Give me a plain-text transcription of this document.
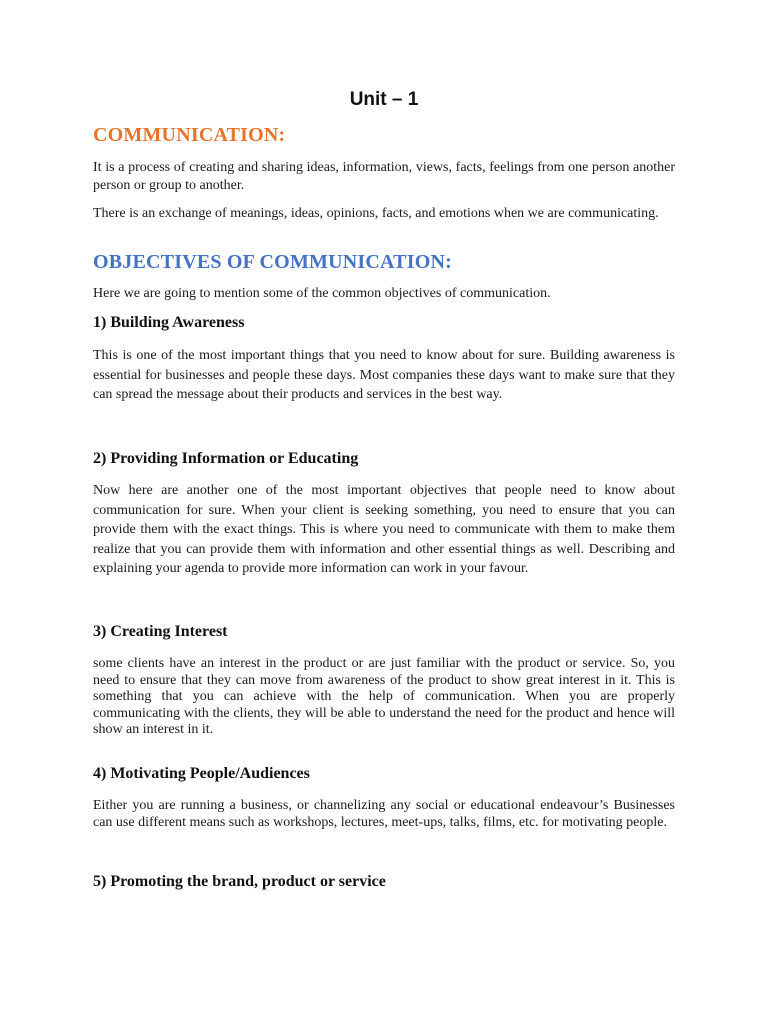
Unit – 1
COMMUNICATION:

It is a process of creating and sharing ideas, information, views, facts, feelings from one person another person or group to another.

There is an exchange of meanings, ideas, opinions, facts, and emotions when we are communicating.

OBJECTIVES OF COMMUNICATION:

Here we are going to mention some of the common objectives of communication.

1) Building Awareness

This is one of the most important things that you need to know about for sure. Building awareness is essential for businesses and people these days. Most companies these days want to make sure that they can spread the message about their products and services in the best way.

2) Providing Information or Educating

Now here are another one of the most important objectives that people need to know about communication for sure. When your client is seeking something, you need to ensure that you can provide them with the exact things. This is where you need to communicate with them to make them realize that you can provide them with information and other essential things as well. Describing and explaining your agenda to provide more information can work in your favour.

3) Creating Interest

some clients have an interest in the product or are just familiar with the product or service. So, you need to ensure that they can move from awareness of the product to show great interest in it. This is something that you can achieve with the help of communication. When you are properly communicating with the clients, they will be able to understand the need for the product and hence will show an interest in it.

4) Motivating People/Audiences

Either you are running a business, or channelizing any social or educational endeavour’s Businesses can use different means such as workshops, lectures, meet-ups, talks, films, etc. for motivating people.

5) Promoting the brand, product or service
